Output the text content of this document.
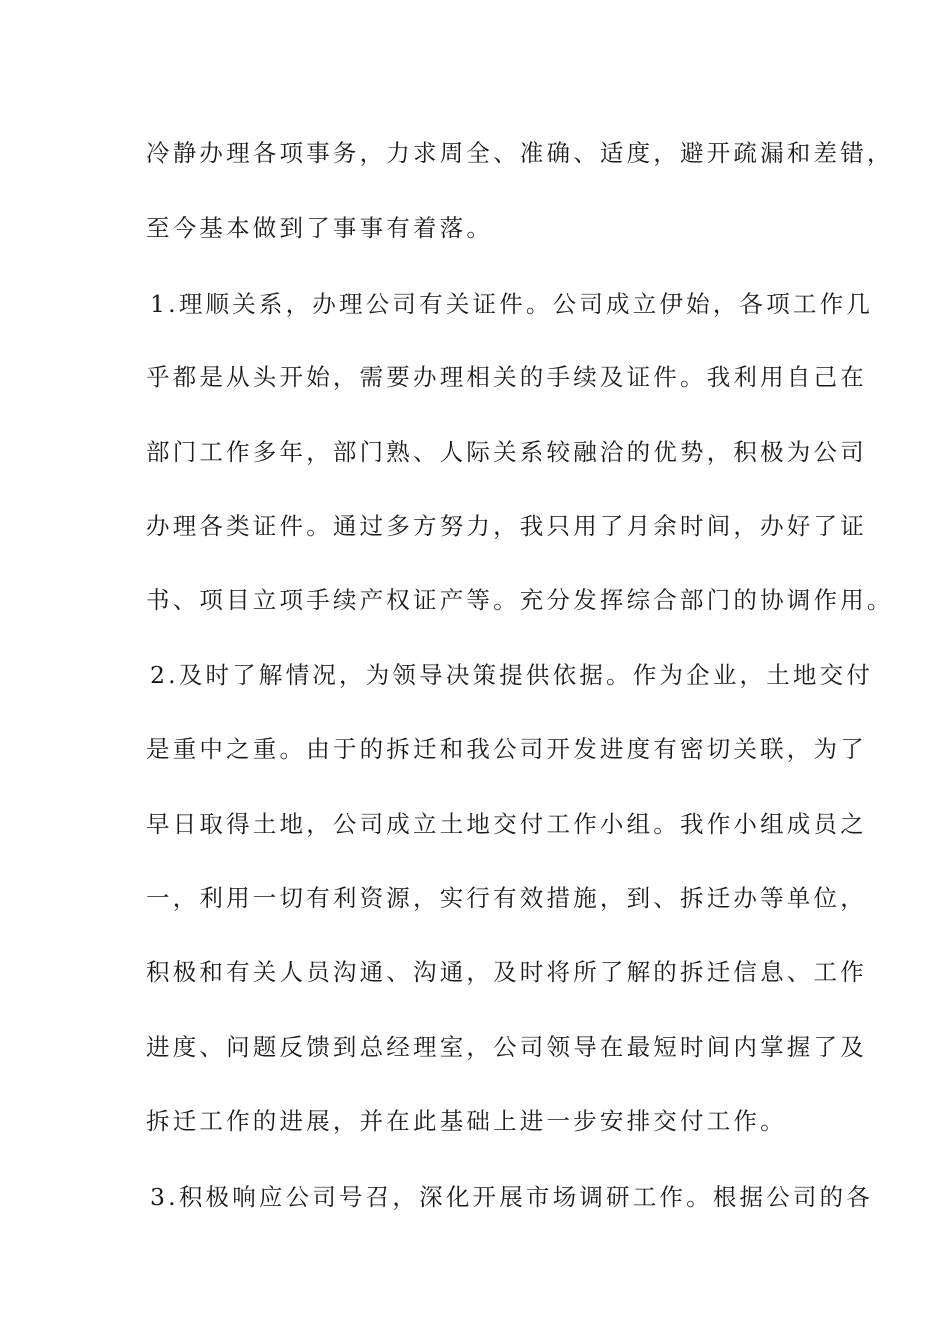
冷静办理各项事务，力求周全、准确、适度，避开疏漏和差错，
至今基本做到了事事有着落。
1.理顺关系，办理公司有关证件。公司成立伊始，各项工作几
乎都是从头开始，需要办理相关的手续及证件。我利用自己在
部门工作多年，部门熟、人际关系较融洽的优势，积极为公司
办理各类证件。通过多方努力，我只用了月余时间，办好了证
书、项目立项手续产权证产等。充分发挥综合部门的协调作用。
2.及时了解情况，为领导决策提供依据。作为企业，土地交付
是重中之重。由于的拆迁和我公司开发进度有密切关联，为了
早日取得土地，公司成立土地交付工作小组。我作小组成员之
一，利用一切有利资源，实行有效措施，到、拆迁办等单位，
积极和有关人员沟通、沟通，及时将所了解的拆迁信息、工作
进度、问题反馈到总经理室，公司领导在最短时间内掌握了及
拆迁工作的进展，并在此基础上进一步安排交付工作。
3.积极响应公司号召，深化开展市场调研工作。根据公司的各
